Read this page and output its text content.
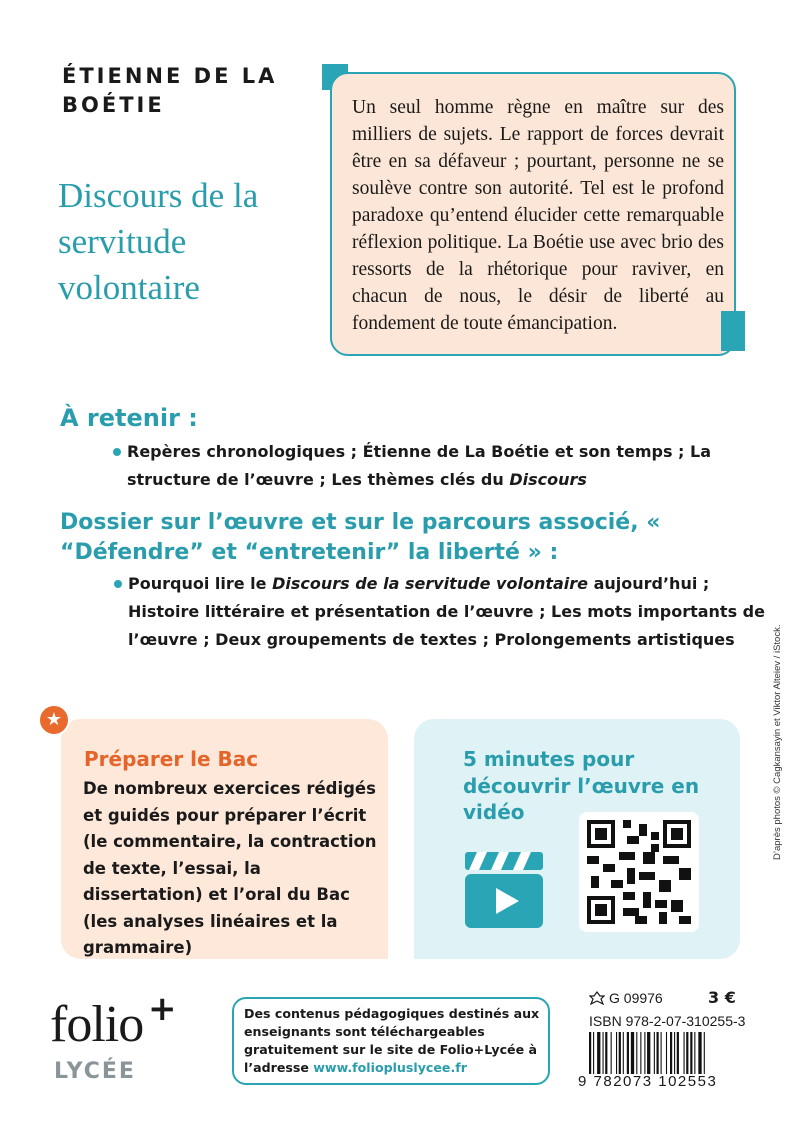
ÉTIENNE DE LA BOÉTIE
Discours de la servitude volontaire
Un seul homme règne en maître sur des milliers de sujets. Le rapport de forces devrait être en sa défaveur ; pourtant, personne ne se soulève contre son autorité. Tel est le profond paradoxe qu’entend élucider cette remarquable réflexion politique. La Boétie use avec brio des ressorts de la rhétorique pour raviver, en chacun de nous, le désir de liberté au fondement de toute émancipation.
À retenir :
Repères chronologiques ; Étienne de La Boétie et son temps ; La structure de l’œuvre ; Les thèmes clés du Discours
Dossier sur l’œuvre et sur le parcours associé, « “Défendre” et “entretenir” la liberté » :
Pourquoi lire le Discours de la servitude volontaire aujourd’hui ; Histoire littéraire et présentation de l’œuvre ; Les mots importants de l’œuvre ; Deux groupements de textes ; Prolongements artistiques
★
Préparer le Bac
De nombreux exercices rédigés et guidés pour préparer l’écrit (le commentaire, la contraction de texte, l’essai, la dissertation) et l’oral du Bac (les analyses linéaires et la grammaire)
5 minutes pour découvrir l’œuvre en vidéo
folio +
LYCÉE
Des contenus pédagogiques destinés aux enseignants sont téléchargeables gratuitement sur le site de Folio+Lycée à l’adresse www.foliopluslycee.fr
G 09976	3 €
ISBN 978-2-07-310255-3
9 782073 102553
D’après photos © Cagkansayin et Viktor Alteiev / iStock.
